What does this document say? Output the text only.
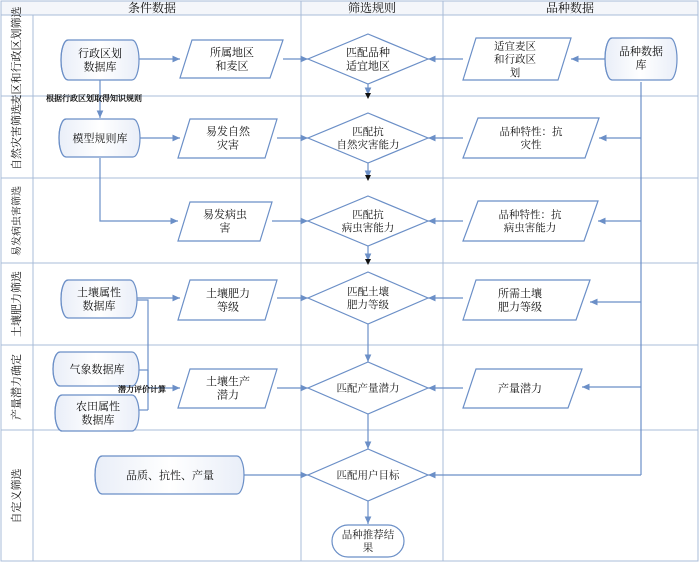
条件数据	筛选规则	品种数据
麦区和行政区划筛选
自然灾害筛选
易发病虫害筛选
土壤肥力筛选
产量潜力确定
自定义筛选
行政区划数据库
所属地区和麦区
匹配品种适宜地区
适宜麦区和行政区划
品种数据库
模型规则库
易发自然灾害
匹配抗自然灾害能力
品种特性：抗灾性
易发病虫害
匹配抗病虫害能力
品种特性：抗病虫害能力
土壤属性数据库
土壤肥力等级
匹配土壤肥力等级
所需土壤肥力等级
气象数据库
农田属性数据库
土壤生产潜力
匹配产量潜力	产量潜力
品质、抗性、产量	匹配用户目标
品种推荐结果
根据行政区划取得知识规则
潜力评价计算
